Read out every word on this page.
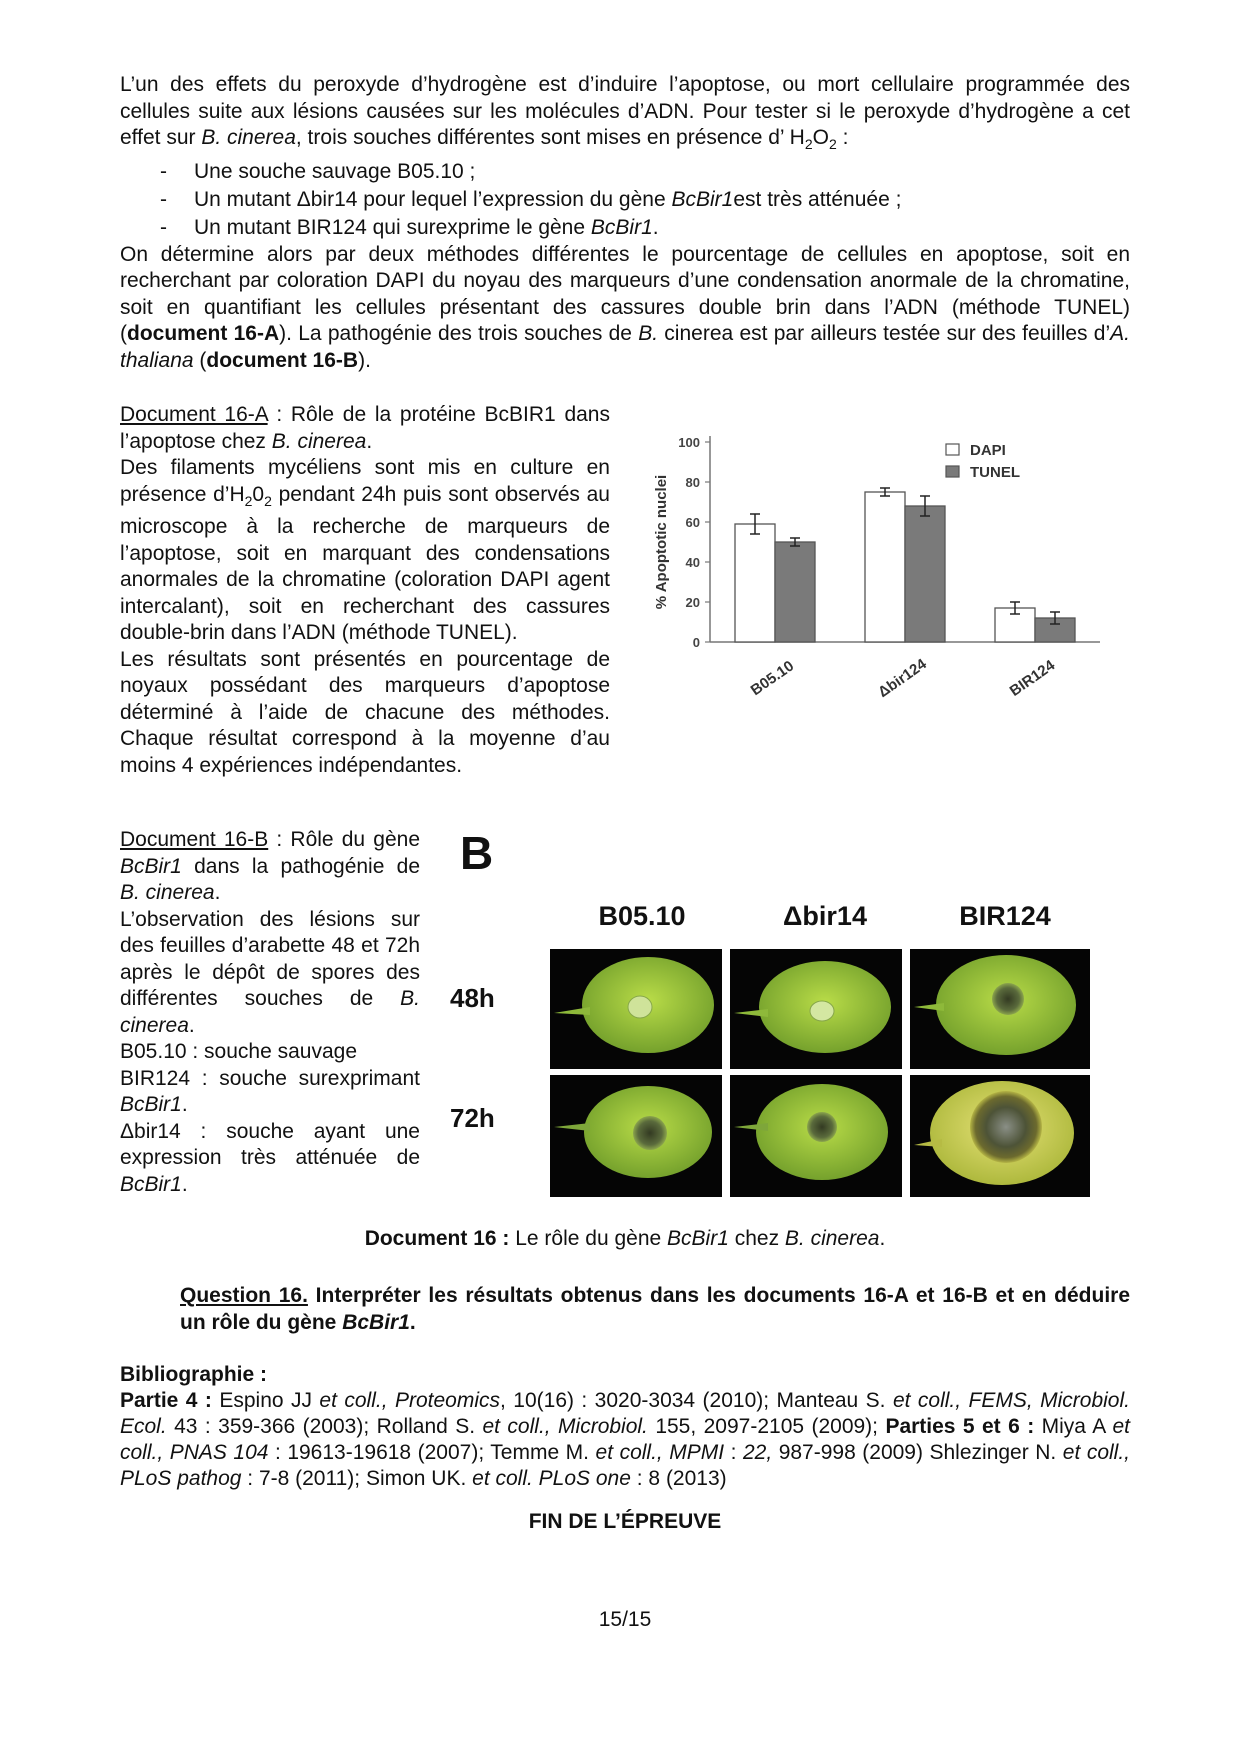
L’un des effets du peroxyde d’hydrogène est d’induire l’apoptose, ou mort cellulaire programmée des cellules suite aux lésions causées sur les molécules d’ADN. Pour tester si le peroxyde d’hydrogène a cet effet sur B. cinerea, trois souches différentes sont mises en présence d’ $H_2O_2$ :

- Une souche sauvage B05.10 ;
- Un mutant Δbir14 pour lequel l’expression du gène BcBir1est très atténuée ;
- Un mutant BIR124 qui surexprime le gène BcBir1.

On détermine alors par deux méthodes différentes le pourcentage de cellules en apoptose, soit en recherchant par coloration DAPI du noyau des marqueurs d’une condensation anormale de la chromatine, soit en quantifiant les cellules présentant des cassures double brin dans l’ADN (méthode TUNEL) (document 16-A). La pathogénie des trois souches de B. cinerea est par ailleurs testée sur des feuilles d’A. thaliana (document 16-B).

Document 16-A : Rôle de la protéine BcBIR1 dans l’apoptose chez B. cinerea.

Des filaments mycéliens sont mis en culture en présence $d’H_20_2$ pendant 24h puis sont observés au microscope à la recherche de marqueurs de l’apoptose, soit en marquant des condensations anormales de la chromatine (coloration DAPI agent intercalant), soit en recherchant des cassures double-brin dans l’ADN (méthode TUNEL).

Les résultats sont présentés en pourcentage de noyaux possédant des marqueurs d’apoptose déterminé à l’aide de chacune des méthodes. Chaque résultat correspond à la moyenne d’au moins 4 expériences indépendantes.

DAPI
TUNEL
% Apoptotic nuclei
0
20
40
60
80
100
B05.10	Δbir124	BIR124

Document 16-B : Rôle du gène BcBir1 dans la pathogénie de B. cinerea.

L’observation des lésions sur des feuilles d’arabette 48 et 72h après le dépôt de spores des différentes souches de B. cinerea.

B05.10 : souche sauvage

BIR124 : souche surexprimant BcBir1.

Δbir14 : souche ayant une expression très atténuée de BcBir1.

B
B05.10	Δbir14	BIR124
48h
72h
Document 16 : Le rôle du gène BcBir1 chez B. cinerea.
Question 16. Interpréter les résultats obtenus dans les documents 16-A et 16-B et en déduire un rôle du gène BcBir1.
Bibliographie :
Partie 4 : Espino JJ et coll., Proteomics, 10(16) : 3020-3034 (2010); Manteau S. et coll., FEMS, Microbiol. Ecol. 43 : 359-366 (2003); Rolland S. et coll., Microbiol. 155, 2097-2105 (2009); Parties 5 et 6 : Miya A et coll., PNAS 104 : 19613-19618 (2007); Temme M. et coll., MPMI : 22, 987-998 (2009) Shlezinger N. et coll., PLoS pathog : 7-8 (2011); Simon UK. et coll. PLoS one : 8 (2013)
FIN DE L’ÉPREUVE
15/15
